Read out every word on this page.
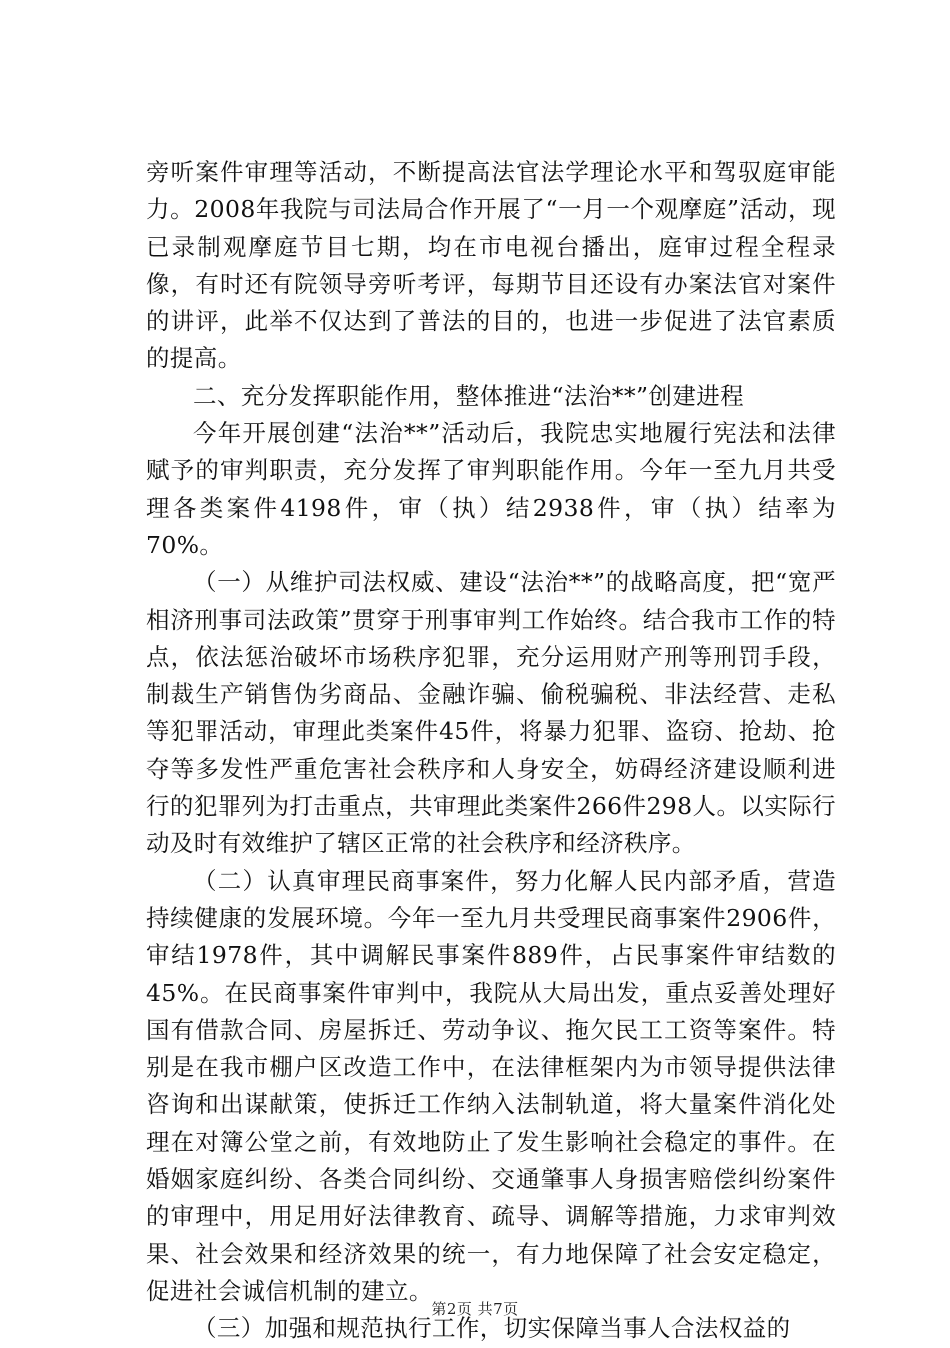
旁听案件审理等活动，不断提高法官法学理论水平和驾驭庭审能力。2008年我院与司法局合作开展了“一月一个观摩庭”活动，现已录制观摩庭节目七期，均在市电视台播出，庭审过程全程录像，有时还有院领导旁听考评，每期节目还设有办案法官对案件的讲评，此举不仅达到了普法的目的，也进一步促进了法官素质的提高。

二、充分发挥职能作用，整体推进“法治**”创建进程

今年开展创建“法治**”活动后，我院忠实地履行宪法和法律赋予的审判职责，充分发挥了审判职能作用。今年一至九月共受理各类案件4198件，审（执）结2938件，审（执）结率为70%。

（一）从维护司法权威、建设“法治**”的战略高度，把“宽严相济刑事司法政策”贯穿于刑事审判工作始终。结合我市工作的特点，依法惩治破坏市场秩序犯罪，充分运用财产刑等刑罚手段，制裁生产销售伪劣商品、金融诈骗、偷税骗税、非法经营、走私等犯罪活动，审理此类案件45件，将暴力犯罪、盗窃、抢劫、抢夺等多发性严重危害社会秩序和人身安全，妨碍经济建设顺利进行的犯罪列为打击重点，共审理此类案件266件298人。以实际行动及时有效维护了辖区正常的社会秩序和经济秩序。

（二）认真审理民商事案件，努力化解人民内部矛盾，营造持续健康的发展环境。今年一至九月共受理民商事案件2906件，审结1978件，其中调解民事案件889件，占民事案件审结数的45%。在民商事案件审判中，我院从大局出发，重点妥善处理好国有借款合同、房屋拆迁、劳动争议、拖欠民工工资等案件。特别是在我市棚户区改造工作中，在法律框架内为市领导提供法律咨询和出谋献策，使拆迁工作纳入法制轨道，将大量案件消化处理在对簿公堂之前，有效地防止了发生影响社会稳定的事件。在婚姻家庭纠纷、各类合同纠纷、交通肇事人身损害赔偿纠纷案件的审理中，用足用好法律教育、疏导、调解等措施，力求审判效果、社会效果和经济效果的统一，有力地保障了社会安定稳定，促进社会诚信机制的建立。

（三）加强和规范执行工作，切实保障当事人合法权益的

第2页 共7页
